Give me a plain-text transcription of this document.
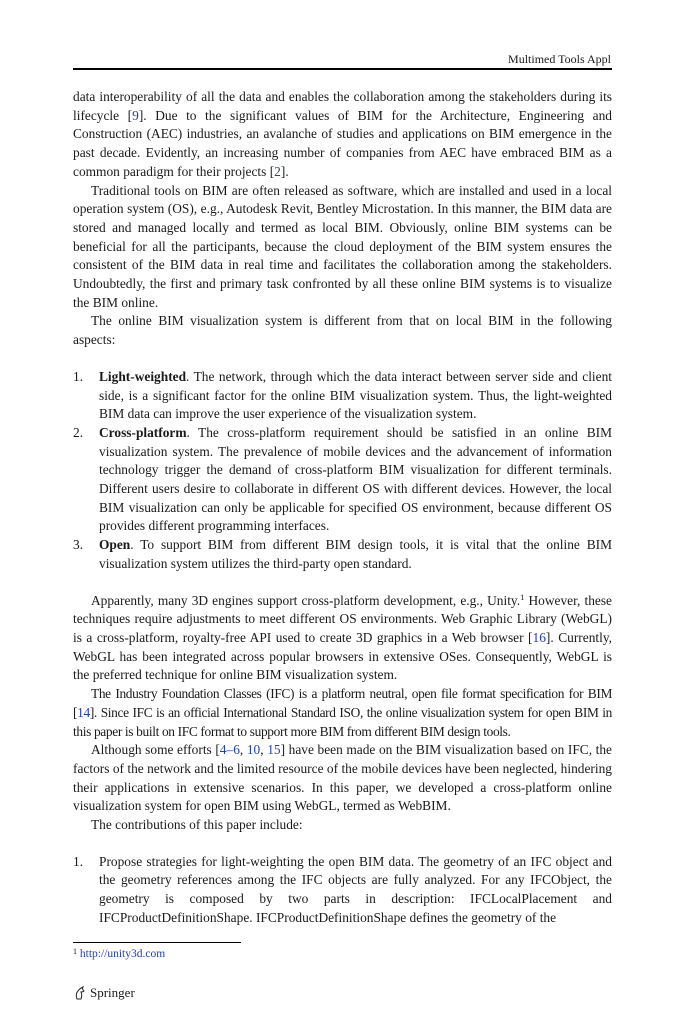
Multimed Tools Appl

data interoperability of all the data and enables the collaboration among the stakeholders during its lifecycle [9]. Due to the significant values of BIM for the Architecture, Engineering and Construction (AEC) industries, an avalanche of studies and applications on BIM emergence in the past decade. Evidently, an increasing number of companies from AEC have embraced BIM as a common paradigm for their projects [2].

Traditional tools on BIM are often released as software, which are installed and used in a local operation system (OS), e.g., Autodesk Revit, Bentley Microstation. In this manner, the BIM data are stored and managed locally and termed as local BIM. Obviously, online BIM systems can be beneficial for all the participants, because the cloud deployment of the BIM system ensures the consistent of the BIM data in real time and facilitates the collaboration among the stakeholders. Undoubtedly, the first and primary task confronted by all these online BIM systems is to visualize the BIM online.

The online BIM visualization system is different from that on local BIM in the following aspects:

1. Light-weighted. The network, through which the data interact between server side and client side, is a significant factor for the online BIM visualization system. Thus, the light-weighted BIM data can improve the user experience of the visualization system.
2. Cross-platform. The cross-platform requirement should be satisfied in an online BIM visualization system. The prevalence of mobile devices and the advancement of information technology trigger the demand of cross-platform BIM visualization for different terminals. Different users desire to collaborate in different OS with different devices. However, the local BIM visualization can only be applicable for specified OS environment, because different OS provides different programming interfaces.
3. Open. To support BIM from different BIM design tools, it is vital that the online BIM visualization system utilizes the third-party open standard.

Apparently, many 3D engines support cross-platform development, e.g., Unity.$^1$ However, these techniques require adjustments to meet different OS environments. Web Graphic Library (WebGL) is a cross-platform, royalty-free API used to create 3D graphics in a Web browser [16]. Currently, WebGL has been integrated across popular browsers in extensive OSes. Consequently, WebGL is the preferred technique for online BIM visualization system.

The Industry Foundation Classes (IFC) is a platform neutral, open file format specification for BIM [14]. Since IFC is an official International Standard ISO, the online visualization system for open BIM in this paper is built on IFC format to support more BIM from different BIM design tools.

Although some efforts [4–6, 10, 15] have been made on the BIM visualization based on IFC, the factors of the network and the limited resource of the mobile devices have been neglected, hindering their applications in extensive scenarios. In this paper, we developed a cross-platform online visualization system for open BIM using WebGL, termed as WebBIM.

The contributions of this paper include:

1. Propose strategies for light-weighting the open BIM data. The geometry of an IFC object and the geometry references among the IFC objects are fully analyzed. For any IFCObject, the geometry is composed by two parts in description: IFCLocalPlacement and IFCProductDefinitionShape. IFCProductDefinitionShape defines the geometry of the
$^1$ http://unity3d.com
Springer
